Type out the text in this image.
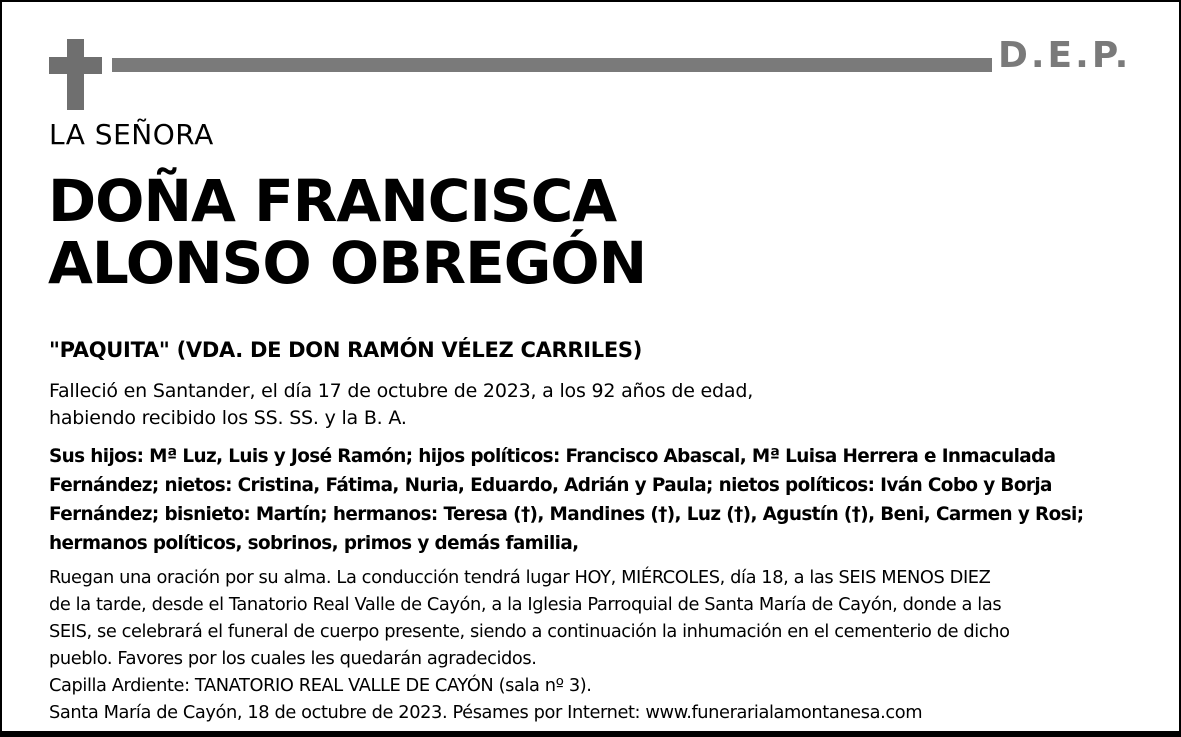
D.E.P.
LA SEÑORA
DOÑA FRANCISCA
ALONSO OBREGÓN
"PAQUITA" (VDA. DE DON RAMÓN VÉLEZ CARRILES)
Falleció en Santander, el día 17 de octubre de 2023, a los 92 años de edad,
habiendo recibido los SS. SS. y la B. A.
Sus hijos: Mª Luz, Luis y José Ramón; hijos políticos: Francisco Abascal, Mª Luisa Herrera e Inmaculada
Fernández; nietos: Cristina, Fátima, Nuria, Eduardo, Adrián y Paula; nietos políticos: Iván Cobo y Borja
Fernández; bisnieto: Martín; hermanos: Teresa (†), Mandines (†), Luz (†), Agustín (†), Beni, Carmen y Rosi;
hermanos políticos, sobrinos, primos y demás familia,
Ruegan una oración por su alma. La conducción tendrá lugar HOY, MIÉRCOLES, día 18, a las SEIS MENOS DIEZ
de la tarde, desde el Tanatorio Real Valle de Cayón, a la Iglesia Parroquial de Santa María de Cayón, donde a las
SEIS, se celebrará el funeral de cuerpo presente, siendo a continuación la inhumación en el cementerio de dicho
pueblo. Favores por los cuales les quedarán agradecidos.
Capilla Ardiente: TANATORIO REAL VALLE DE CAYÓN (sala nº 3).
Santa María de Cayón, 18 de octubre de 2023. Pésames por Internet: www.funerarialamontanesa.com
